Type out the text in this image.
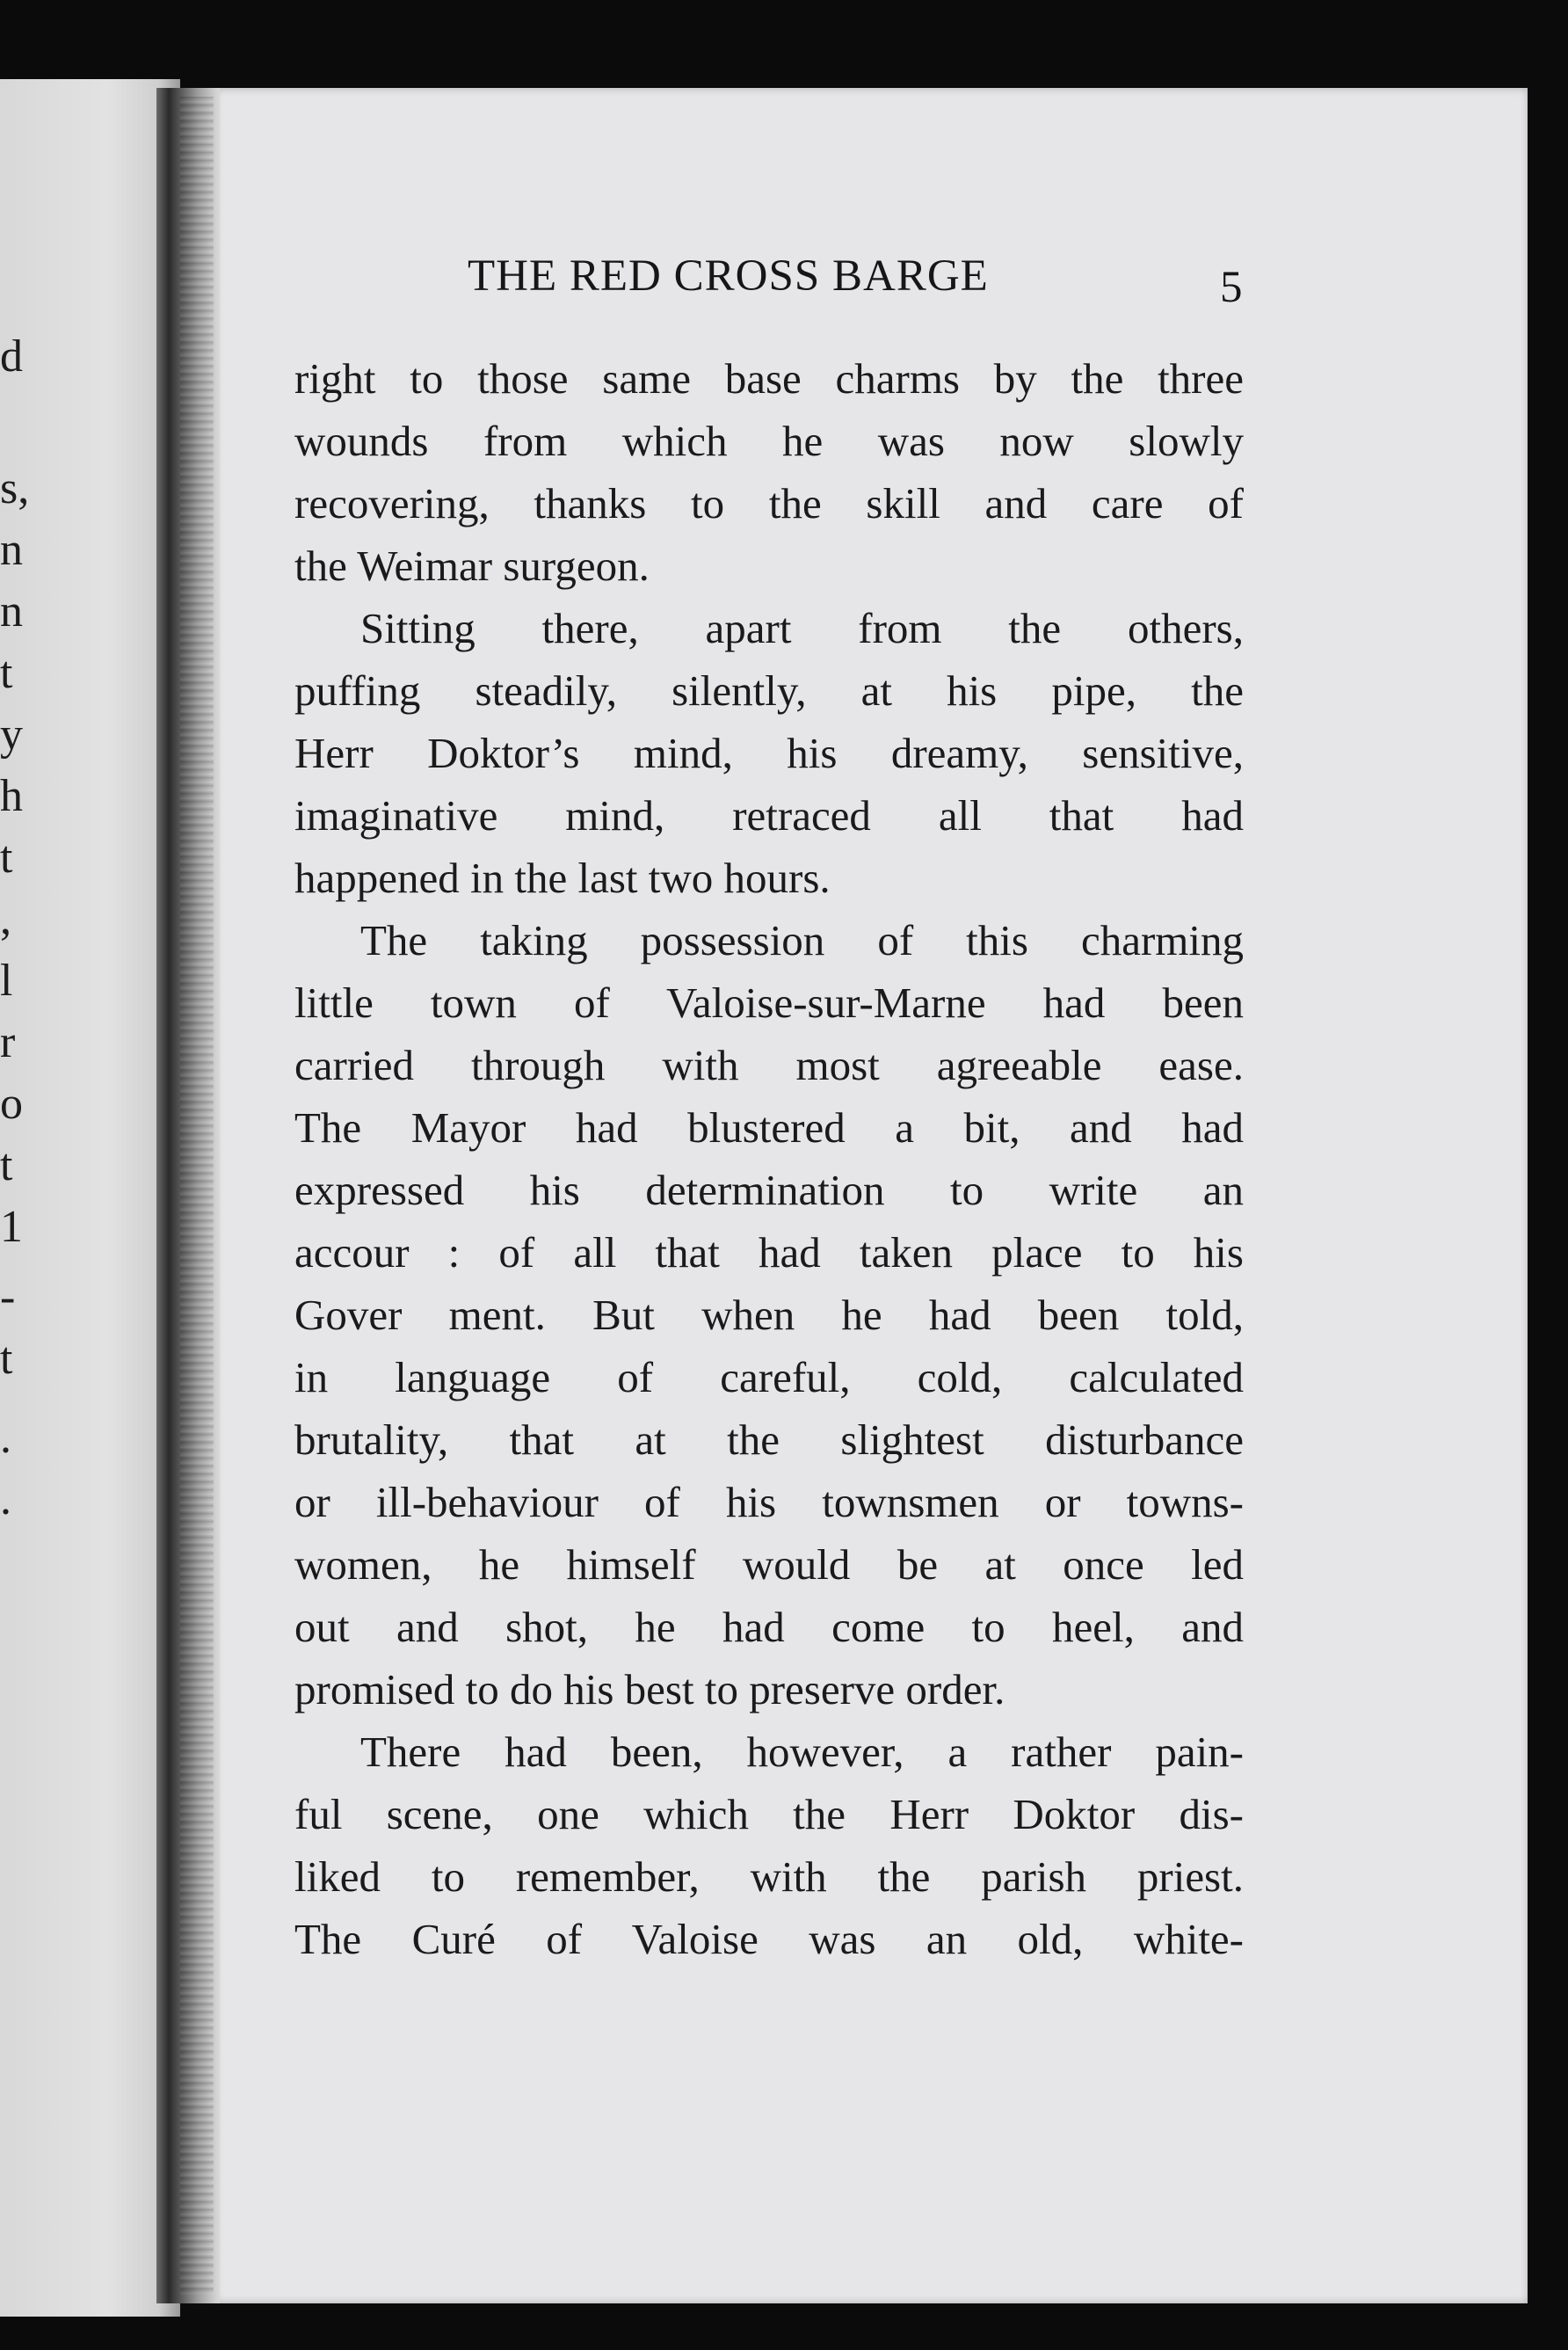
d
s,
n
n
t
y
h
t
,
l
r
o
t
1
-
t
.
.
THE RED CROSS BARGE	5
right to those same base charms by the three
wounds from which he was now slowly
recovering, thanks to the skill and care of
the Weimar surgeon.
Sitting there, apart from the others,
puffing steadily, silently, at his pipe, the
Herr Doktor’s mind, his dreamy, sensitive,
imaginative mind, retraced all that had
happened in the last two hours.
The taking possession of this charming
little town of Valoise-sur-Marne had been
carried through with most agreeable ease.
The Mayor had blustered a bit, and had
expressed his determination to write an
accour : of all that had taken place to his
Gover ment. But when he had been told,
in language of careful, cold, calculated
brutality, that at the slightest disturbance
or ill-behaviour of his townsmen or towns-
women, he himself would be at once led
out and shot, he had come to heel, and
promised to do his best to preserve order.
There had been, however, a rather pain-
ful scene, one which the Herr Doktor dis-
liked to remember, with the parish priest.
The Curé of Valoise was an old, white-
